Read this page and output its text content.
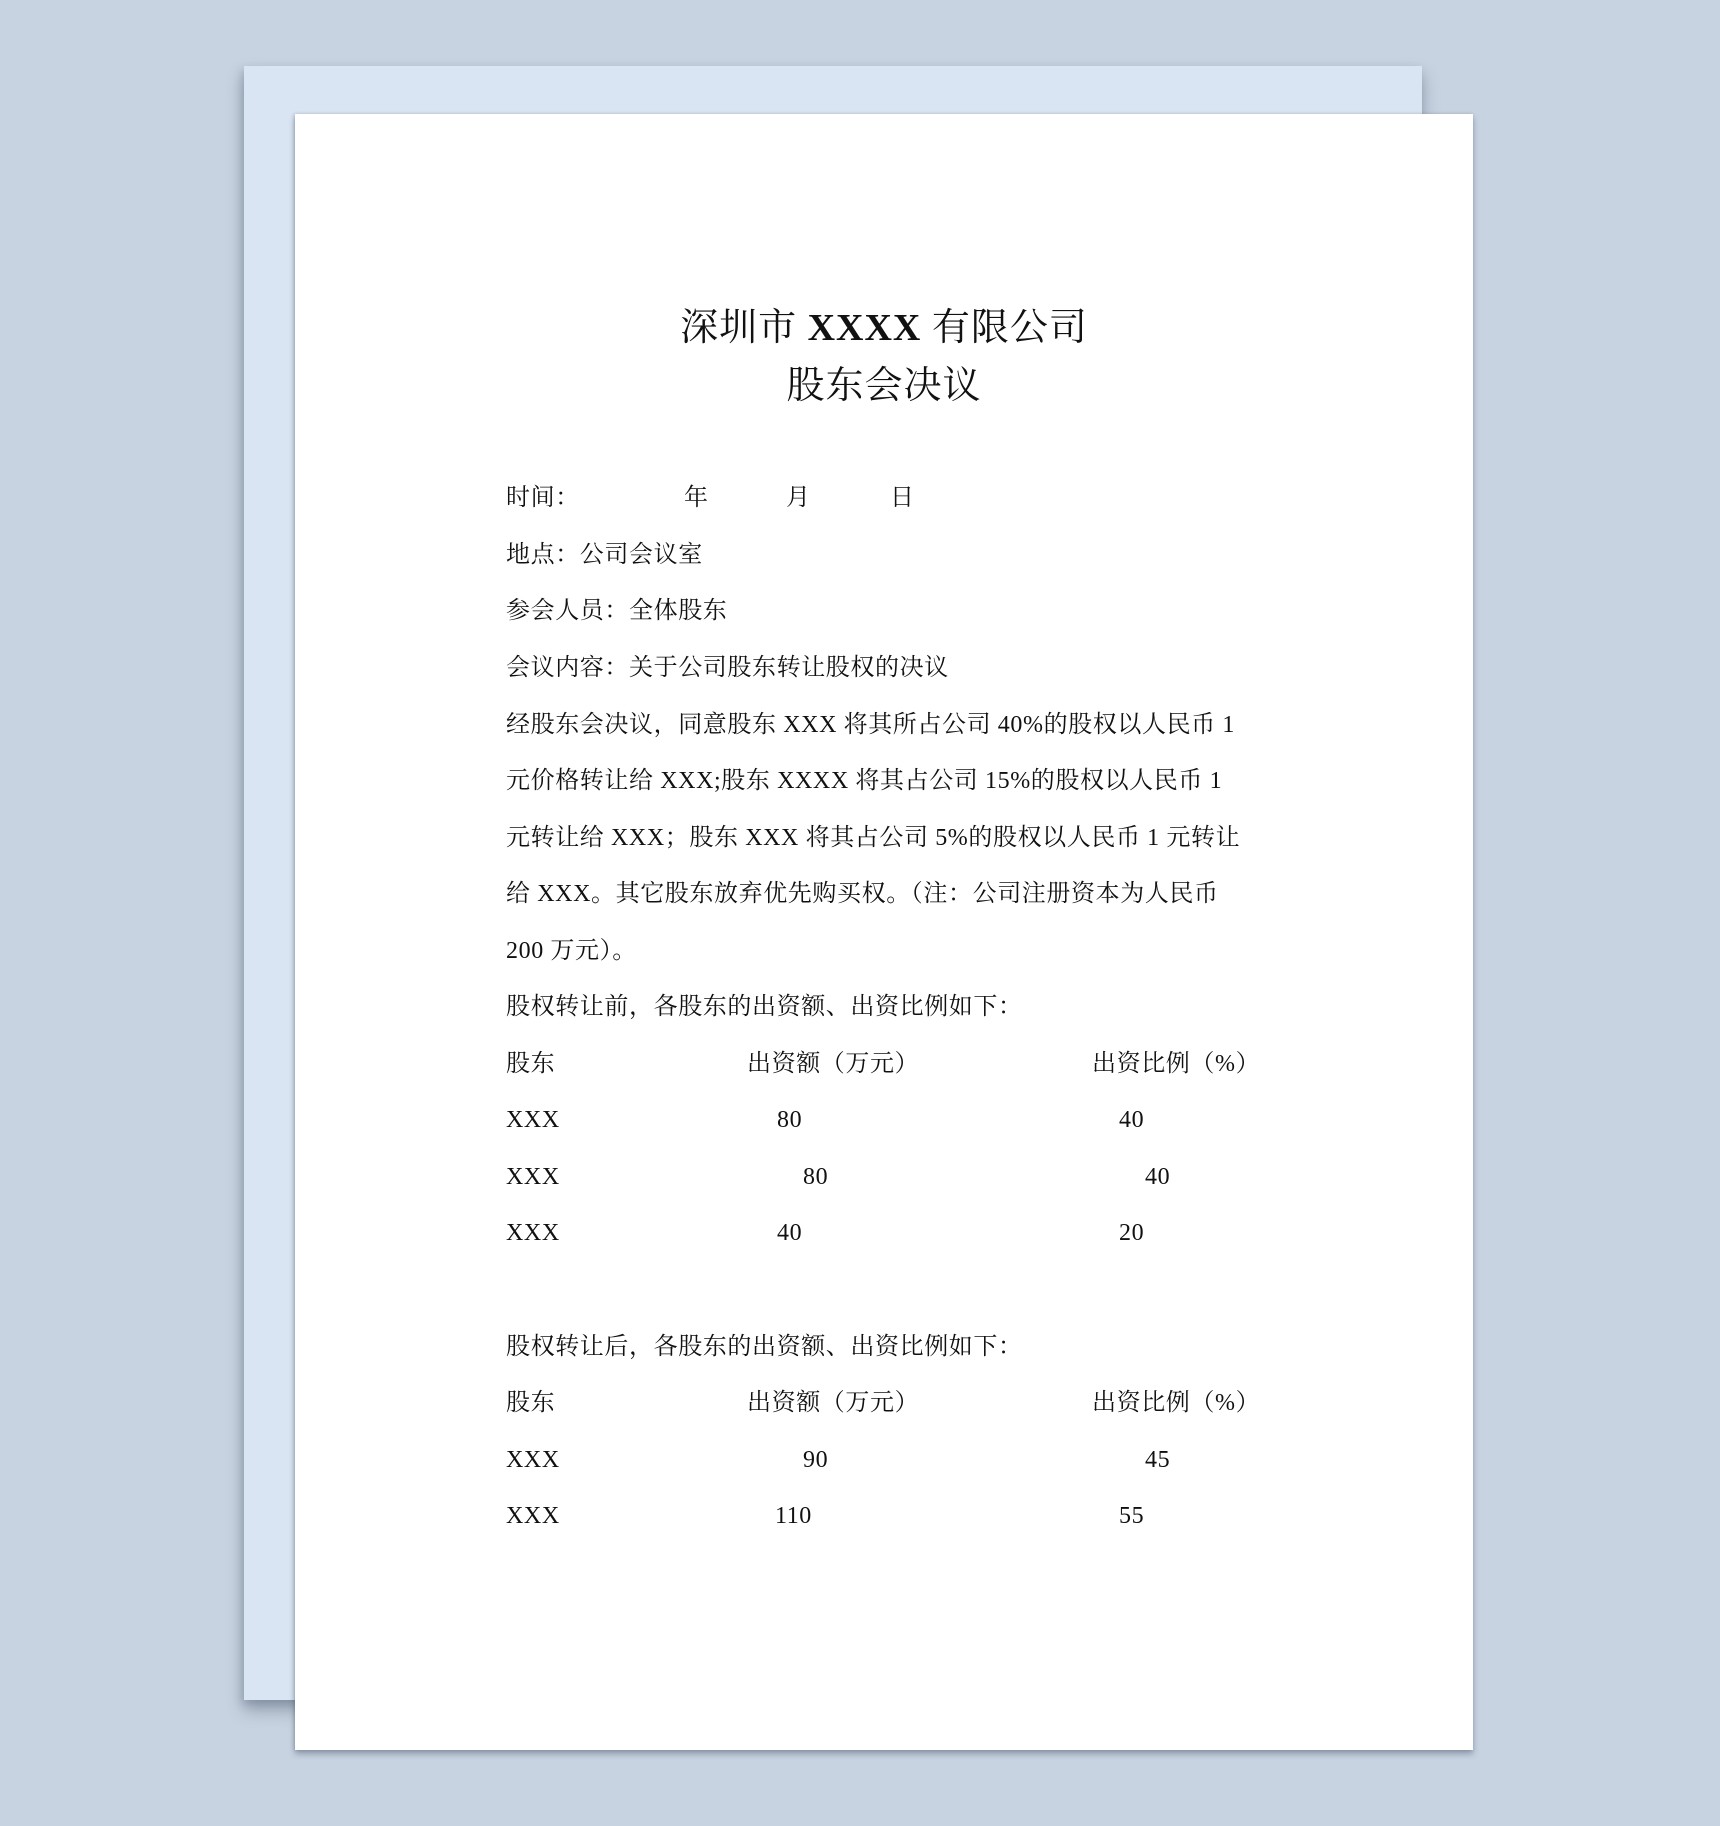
深圳市 XXXX 有限公司
股东会决议
时间：	年	月	日
地点：公司会议室
参会人员：全体股东
会议内容：关于公司股东转让股权的决议
经股东会决议，同意股东 XXX 将其所占公司 40%的股权以人民币 1
元价格转让给 XXX;股东 XXXX 将其占公司 15%的股权以人民币 1
元转让给 XXX；股东 XXX 将其占公司 5%的股权以人民币 1 元转让
给 XXX。其它股东放弃优先购买权。（注：公司注册资本为人民币
200 万元）。
股权转让前，各股东的出资额、出资比例如下：
股东	出资额（万元）	出资比例（%）
XXX	80	40
XXX	80	40
XXX	40	20
股权转让后，各股东的出资额、出资比例如下：
股东	出资额（万元）	出资比例（%）
XXX	90	45
XXX	110	55
